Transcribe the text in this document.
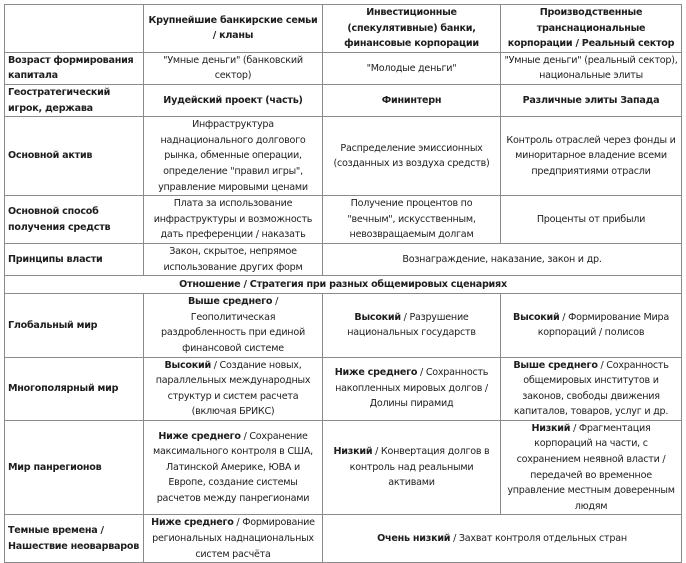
	Крупнейшие банкирские семьи / кланы	Инвестиционные (спекулятивные) банки, финансовые корпорации	Производственные транснациональные корпорации / Реальный сектор
Возраст формирования капитала	"Умные деньги" (банковский сектор)	"Молодые деньги"	"Умные деньги" (реальный сектор), национальные элиты
Геостратегический игрок, держава	Иудейский проект (часть)	Фининтерн	Различные элиты Запада
Основной актив	Инфраструктура наднационального долгового рынка, обменные операции, определение "правил игры", управление мировыми ценами	Распределение эмиссионных (созданных из воздуха средств)	Контроль отраслей через фонды и миноритарное владение всеми предприятиями отрасли
Основной способ получения средств	Плата за использование инфраструктуры и возможность дать преференции / наказать	Получение процентов по "вечным", искусственным, невозвращаемым долгам	Проценты от прибыли
Принципы власти	Закон, скрытое, непрямое использование других форм	Вознаграждение, наказание, закон и др.	
Отношение / Стратегия при разных общемировых сценариях			
Глобальный мир	Выше среднего / Геополитическая раздробленность при единой финансовой системе	Высокий / Разрушение национальных государств	Высокий / Формирование Мира корпораций / полисов
Многополярный мир	Высокий / Создание новых, параллельных международных структур и систем расчета (включая БРИКС)	Ниже среднего / Сохранность накопленных мировых долгов / Долины пирамид	Выше среднего / Сохранность общемировых институтов и законов, свободы движения капиталов, товаров, услуг и др.
Мир панрегионов	Ниже среднего / Сохранение максимального контроля в США, Латинской Америке, ЮВА и Европе, создание системы расчетов между панрегионами	Низкий / Конвертация долгов в контроль над реальными активами	Низкий / Фрагментация корпораций на части, с сохранением неявной власти / передачей во временное управление местным доверенным людям
Темные времена / Нашествие неоварваров	Ниже среднего / Формирование региональных наднациональных систем расчёта	Очень низкий / Захват контроля отдельных стран	
